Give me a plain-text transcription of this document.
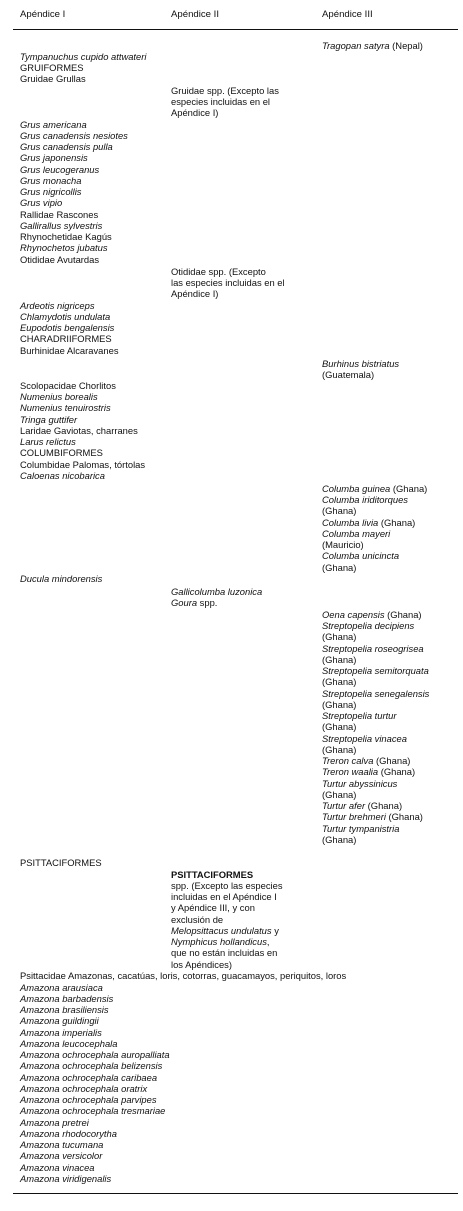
Apéndice I	Apéndice II	Apéndice III
Tragopan satyra (Nepal)
Tympanuchus cupido attwateri
GRUIFORMES
Gruidae Grullas
Gruidae spp. (Excepto las
especies incluidas en el
Apéndice I)
Grus americana
Grus canadensis nesiotes
Grus canadensis pulla
Grus japonensis
Grus leucogeranus
Grus monacha
Grus nigricollis
Grus vipio
Rallidae Rascones
Gallirallus sylvestris
Rhynochetidae Kagús
Rhynochetos jubatus
Otididae Avutardas
Otididae spp. (Excepto
las especies incluidas en el
Apéndice I)
Ardeotis nigriceps
Chlamydotis undulata
Eupodotis bengalensis
CHARADRIIFORMES
Burhinidae Alcaravanes
Burhinus bistriatus
(Guatemala)
Scolopacidae Chorlitos
Numenius borealis
Numenius tenuirostris
Tringa guttifer
Laridae Gaviotas, charranes
Larus relictus
COLUMBIFORMES
Columbidae Palomas, tórtolas
Caloenas nicobarica
Columba guinea (Ghana)
Columba iriditorques
(Ghana)
Columba livia (Ghana)
Columba mayeri
(Mauricio)
Columba unicincta
(Ghana)
Ducula mindorensis
Gallicolumba luzonica
Goura spp.
Oena capensis (Ghana)
Streptopelia decipiens
(Ghana)
Streptopelia roseogrisea
(Ghana)
Streptopelia semitorquata
(Ghana)
Streptopelia senegalensis
(Ghana)
Streptopelia turtur
(Ghana)
Streptopelia vinacea
(Ghana)
Treron calva (Ghana)
Treron waalia (Ghana)
Turtur abyssinicus
(Ghana)
Turtur afer (Ghana)
Turtur brehmeri (Ghana)
Turtur tympanistria
(Ghana)
PSITTACIFORMES
PSITTACIFORMES
spp. (Excepto las especies
incluidas en el Apéndice I
y Apéndice III, y con
exclusión de
Melopsittacus undulatus y
Nymphicus hollandicus,
que no están incluidas en
los Apéndices)
Psittacidae Amazonas, cacatúas, loris, cotorras, guacamayos, periquitos, loros
Amazona arausiaca
Amazona barbadensis
Amazona brasiliensis
Amazona guildingii
Amazona imperialis
Amazona leucocephala
Amazona ochrocephala auropalliata
Amazona ochrocephala belizensis
Amazona ochrocephala caribaea
Amazona ochrocephala oratrix
Amazona ochrocephala parvipes
Amazona ochrocephala tresmariae
Amazona pretrei
Amazona rhodocorytha
Amazona tucumana
Amazona versicolor
Amazona vinacea
Amazona viridigenalis
